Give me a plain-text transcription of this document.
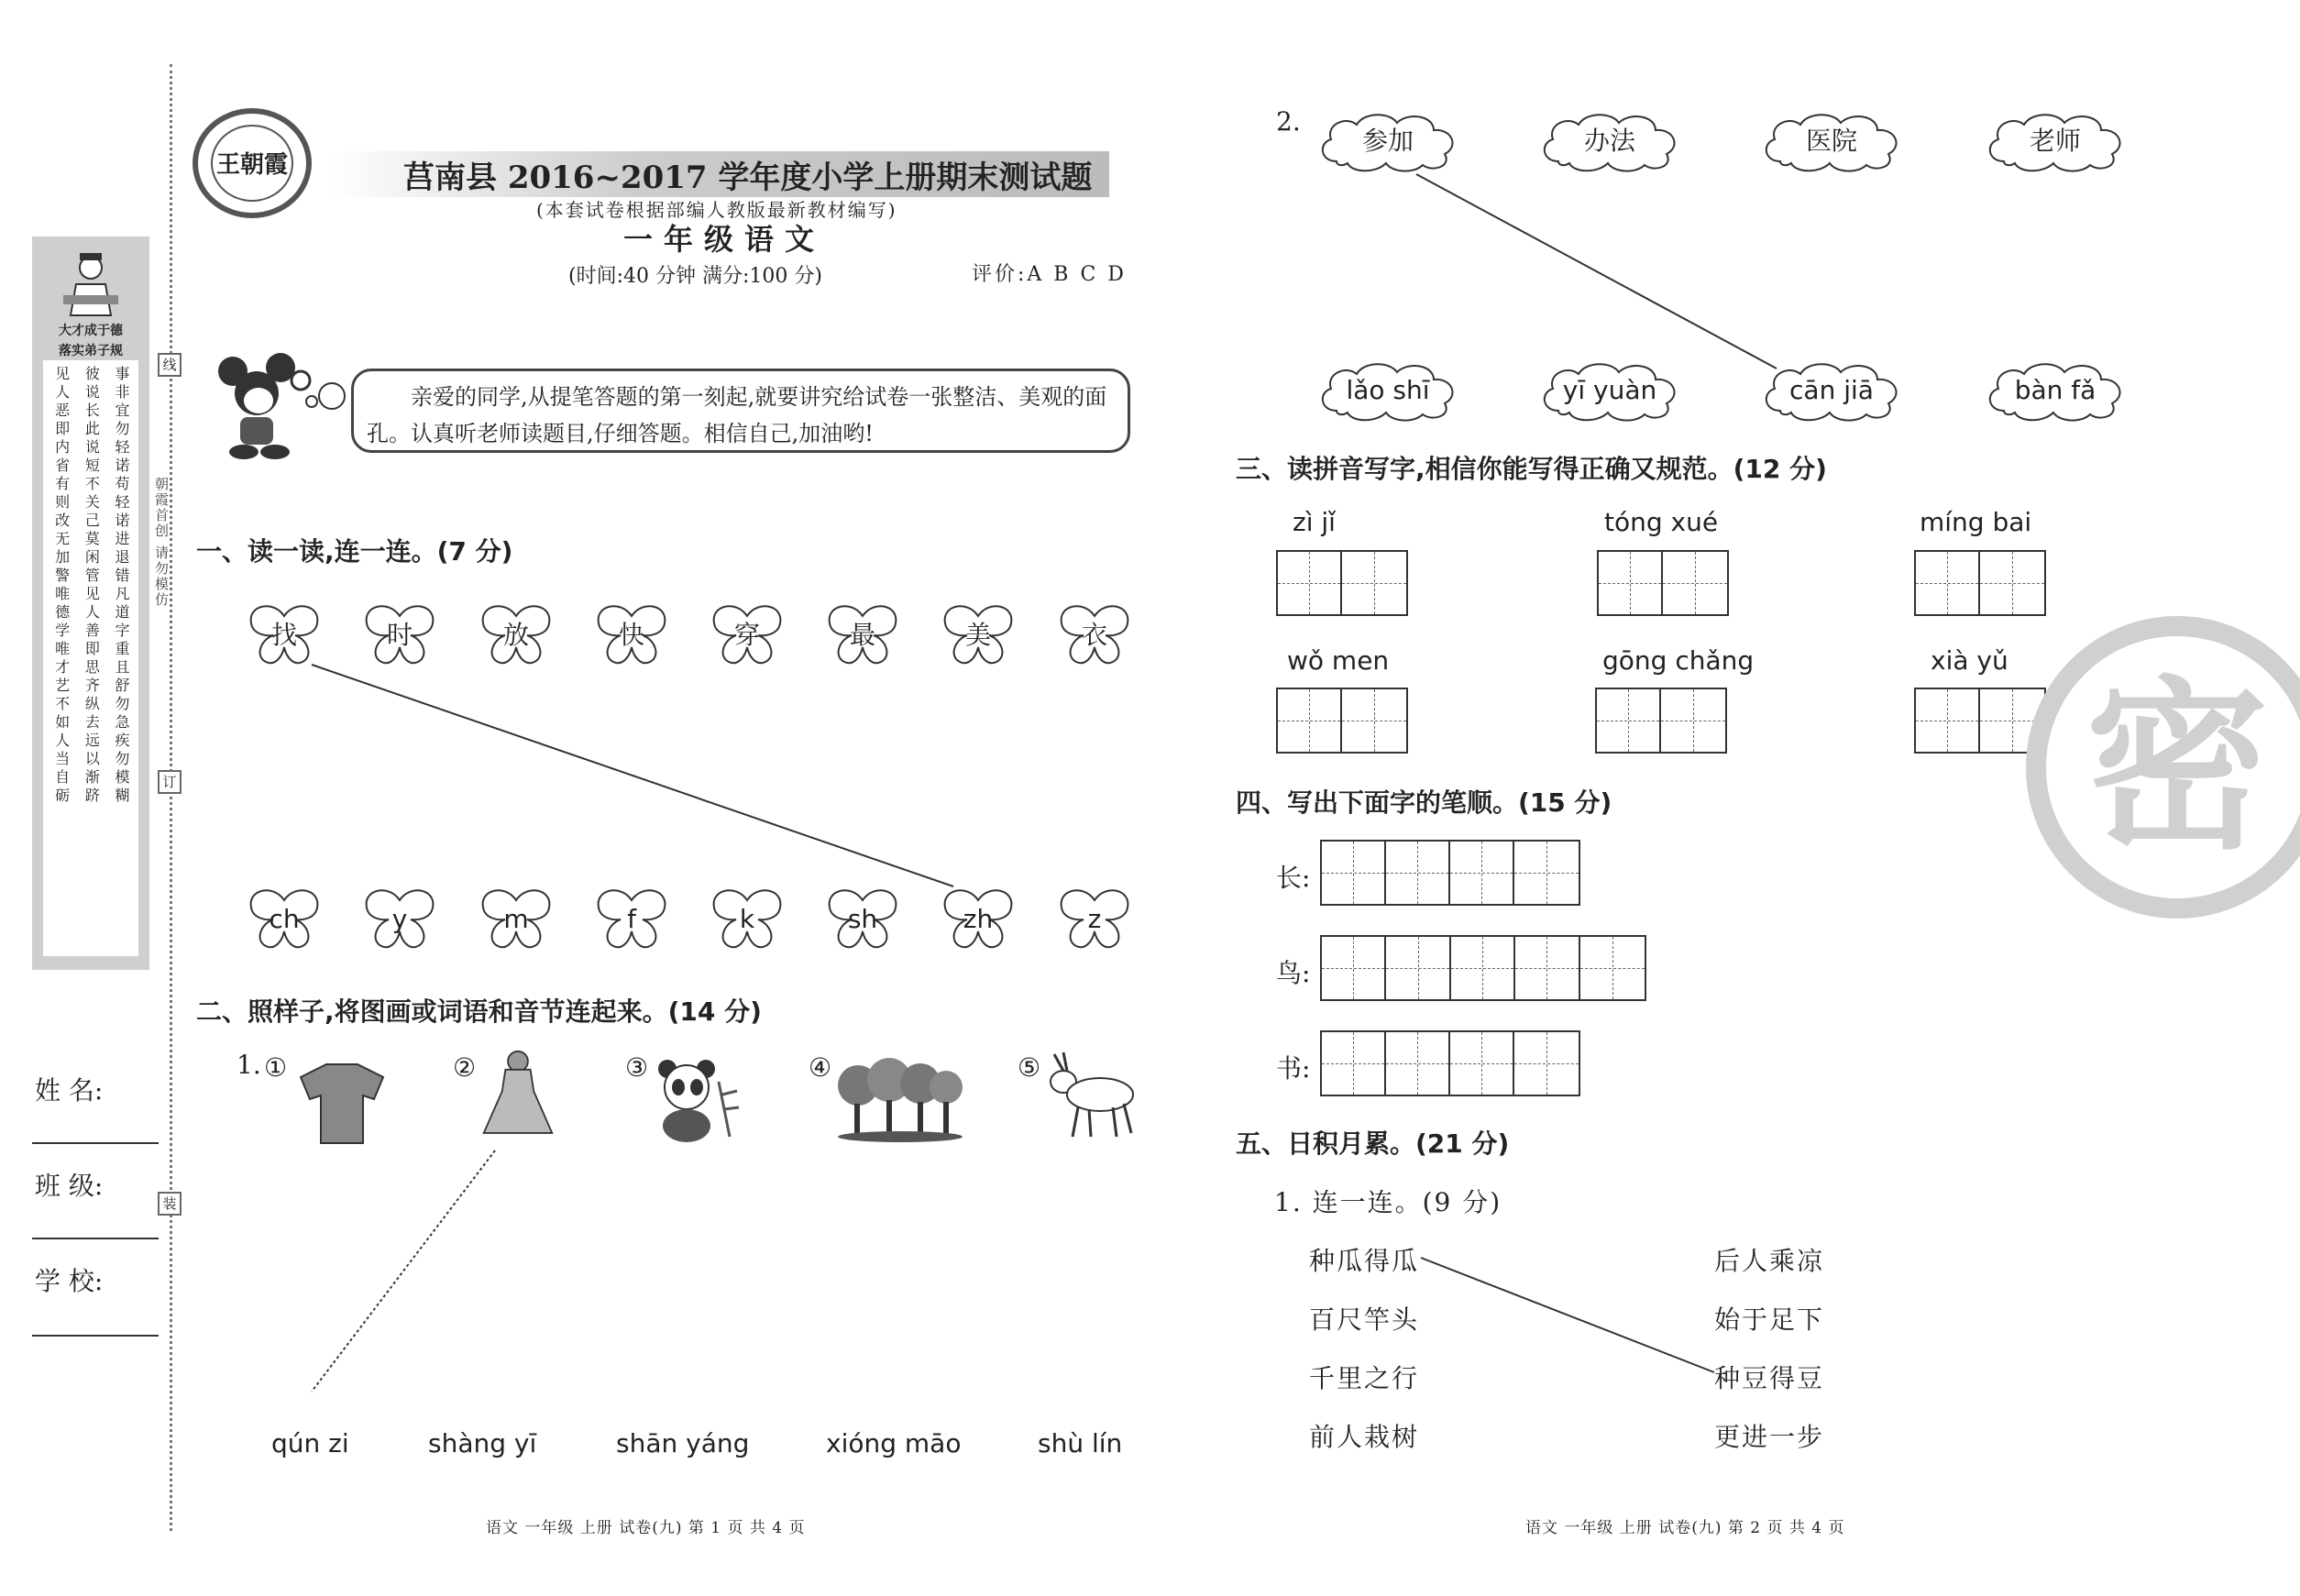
线
订
装
朝霞首创 请勿模仿
大才成于德
落实弟子规
见人恶 彼说长 事非宜
即内省 此说短 勿轻诺
有则改 不关己 苟轻诺
无加警 莫闲管 进退错
唯德学 见人善 凡道字
唯才艺 即思齐 重且舒
不如人 纵去远 勿急疾
当自砺 以渐跻 勿模糊
姓 名:
班 级:
学 校:
王朝霞	莒南县 2016~2017 学年度小学上册期末测试题
(本套试卷根据部编人教版最新教材编写)
一年级语文
(时间:40 分钟 满分:100 分)	评价:A B C D
亲爱的同学,从提笔答题的第一刻起,就要讲究给试卷一张整洁、美观的面孔。认真听老师读题目,仔细答题。相信自己,加油哟!
一、读一读,连一连。(7 分)
找	时	放	快	穿	最	美	衣
ch	y	m	f	k	sh	zh	z
二、照样子,将图画或词语和音节连起来。(14 分)
1. ①	②	③	④	⑤
qún zi	shàng yī	shān yáng	xióng māo	shù lín
2.
参加	办法	医院	老师
lǎo shī	yī yuàn	cān jiā	bàn fǎ
三、读拼音写字,相信你能写得正确又规范。(12 分)
zì jǐ	tóng xué	míng bai
wǒ men	gōng chǎng	xià yǔ
四、写出下面字的笔顺。(15 分)
长:
鸟:
书:
五、日积月累。(21 分)
1. 连一连。(9 分)
种瓜得瓜
百尺竿头
千里之行
前人栽树
后人乘凉
始于足下
种豆得豆
更进一步
密
语文 一年级 上册 试卷(九) 第 1 页 共 4 页	语文 一年级 上册 试卷(九) 第 2 页 共 4 页
